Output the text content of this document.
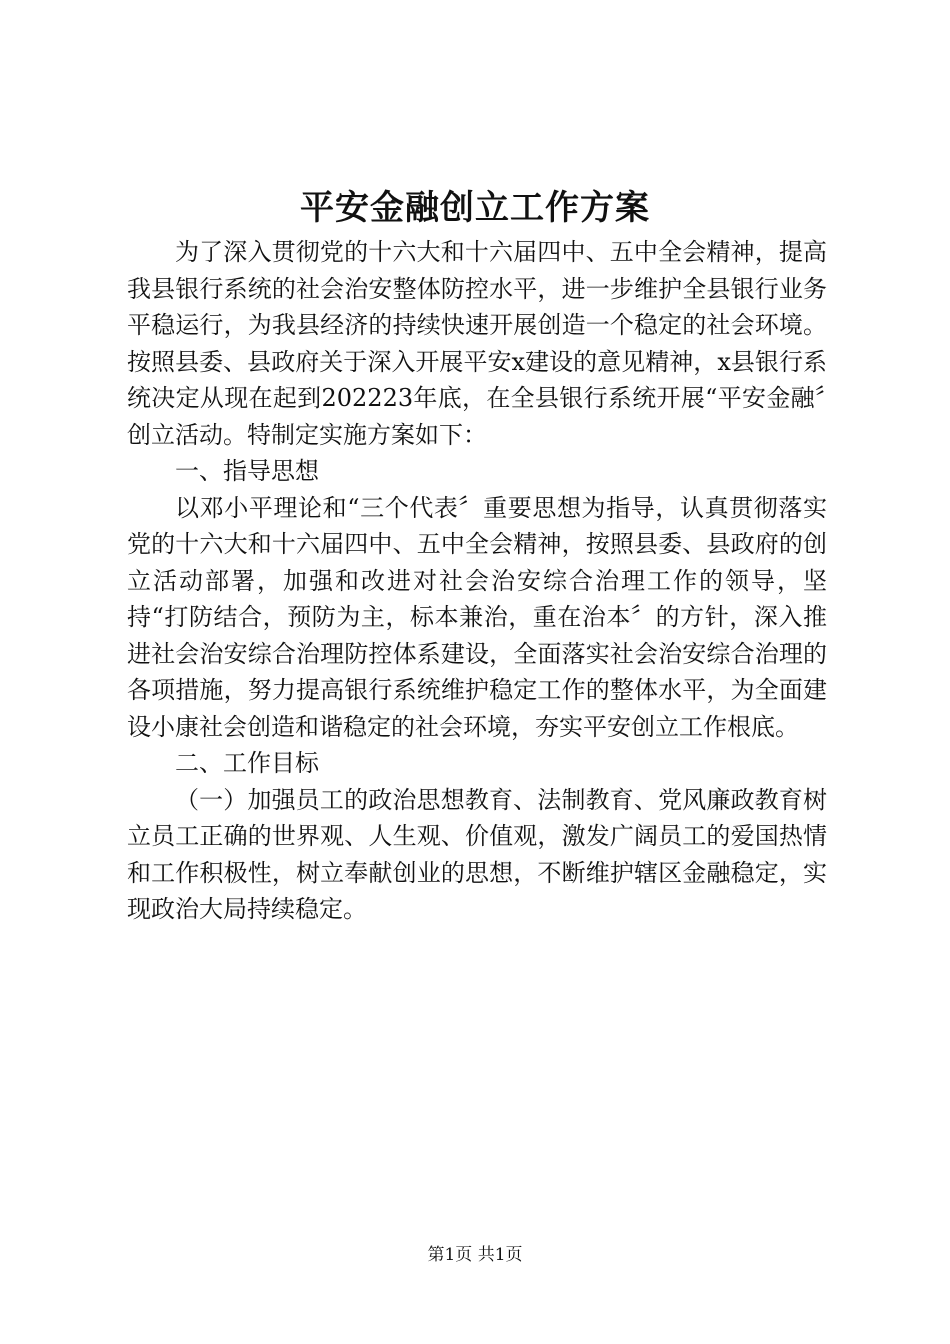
平安金融创立工作方案

为了深入贯彻党的十六大和十六届四中、五中全会精神，提高我县银行系统的社会治安整体防控水平，进一步维护全县银行业务平稳运行，为我县经济的持续快速开展创造一个稳定的社会环境。按照县委、县政府关于深入开展平安x建设的意见精神，x县银行系统决定从现在起到202223年底，在全县银行系统开展“平安金融〞创立活动。特制定实施方案如下：

一、指导思想

以邓小平理论和“三个代表〞重要思想为指导，认真贯彻落实党的十六大和十六届四中、五中全会精神，按照县委、县政府的创立活动部署，加强和改进对社会治安综合治理工作的领导，坚持“打防结合，预防为主，标本兼治，重在治本〞的方针，深入推进社会治安综合治理防控体系建设，全面落实社会治安综合治理的各项措施，努力提高银行系统维护稳定工作的整体水平，为全面建设小康社会创造和谐稳定的社会环境，夯实平安创立工作根底。

二、工作目标

（一）加强员工的政治思想教育、法制教育、党风廉政教育树立员工正确的世界观、人生观、价值观，激发广阔员工的爱国热情和工作积极性，树立奉献创业的思想，不断维护辖区金融稳定，实现政治大局持续稳定。

第1页 共1页
